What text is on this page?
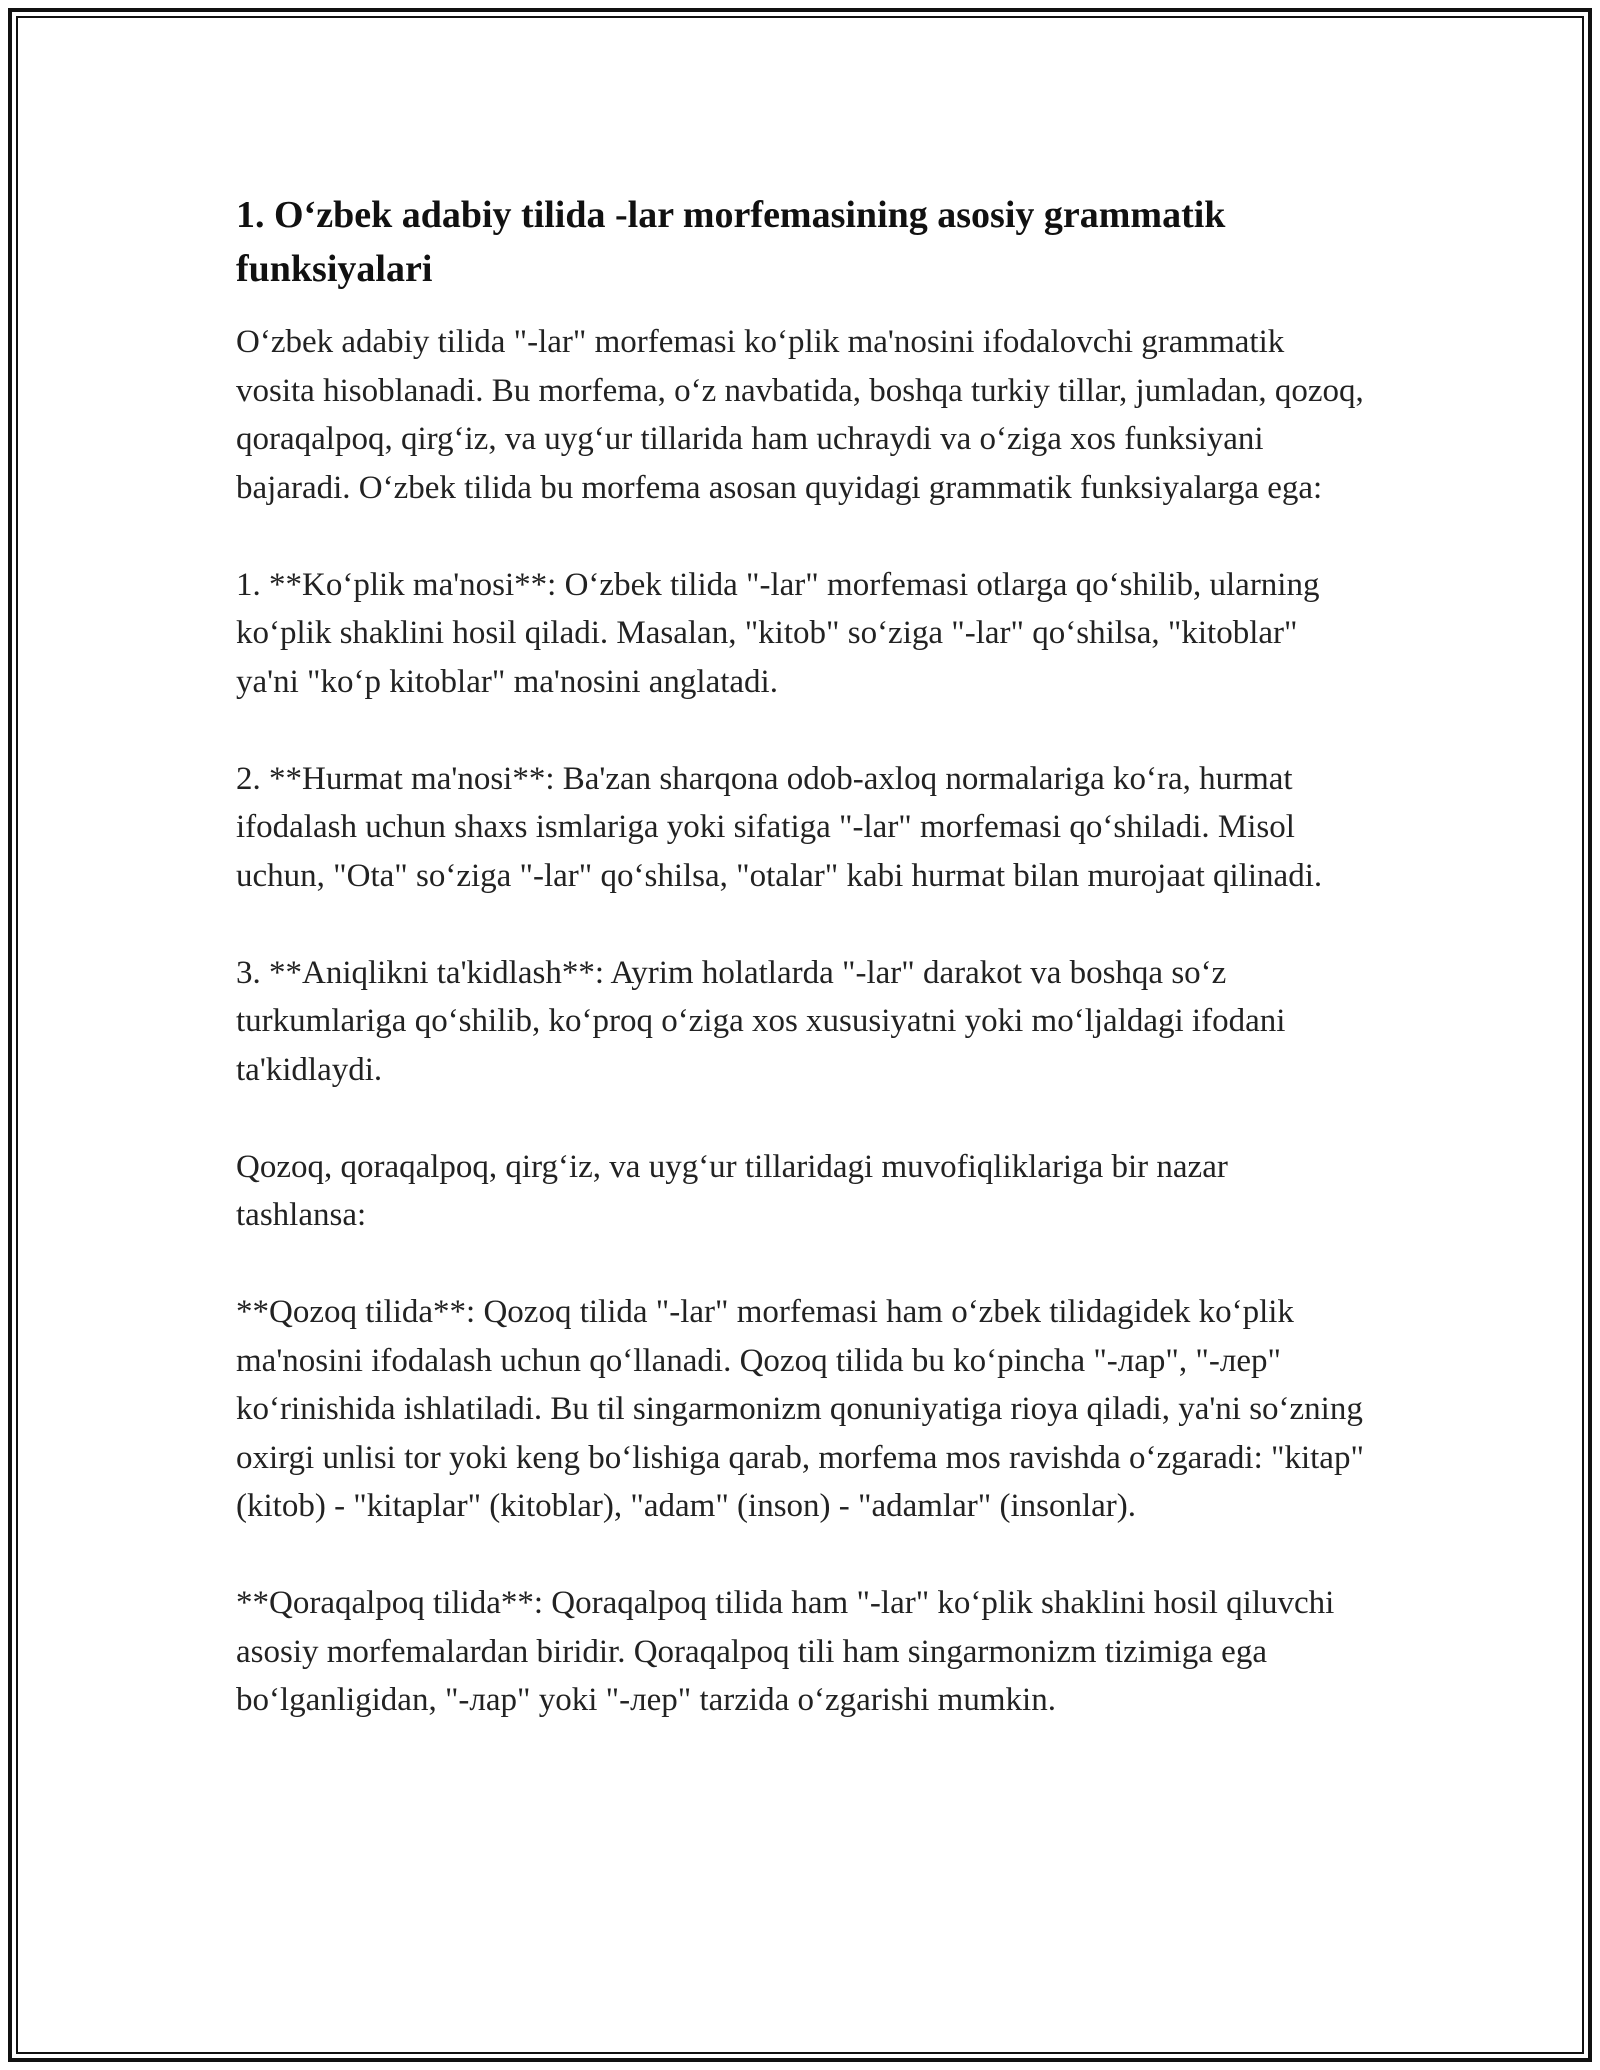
1. Oʻzbek adabiy tilida -lar morfemasining asosiy grammatik funksiyalari

Oʻzbek adabiy tilida "-lar" morfemasi koʻplik ma'nosini ifodalovchi grammatik vosita hisoblanadi. Bu morfema, oʻz navbatida, boshqa turkiy tillar, jumladan, qozoq, qoraqalpoq, qirgʻiz, va uygʻur tillarida ham uchraydi va oʻziga xos funksiyani bajaradi. Oʻzbek tilida bu morfema asosan quyidagi grammatik funksiyalarga ega:

1. **Koʻplik ma'nosi**: Oʻzbek tilida "-lar" morfemasi otlarga qoʻshilib, ularning koʻplik shaklini hosil qiladi. Masalan, "kitob" soʻziga "-lar" qoʻshilsa, "kitoblar" ya'ni "koʻp kitoblar" ma'nosini anglatadi.

2. **Hurmat ma'nosi**: Ba'zan sharqona odob-axloq normalariga koʻra, hurmat ifodalash uchun shaxs ismlariga yoki sifatiga "-lar" morfemasi qoʻshiladi. Misol uchun, "Ota" soʻziga "-lar" qoʻshilsa, "otalar" kabi hurmat bilan murojaat qilinadi.

3. **Aniqlikni ta'kidlash**: Ayrim holatlarda "-lar" darakot va boshqa soʻz turkumlariga qoʻshilib, koʻproq oʻziga xos xususiyatni yoki moʻljaldagi ifodani ta'kidlaydi.

Qozoq, qoraqalpoq, qirgʻiz, va uygʻur tillaridagi muvofiqliklariga bir nazar tashlansa:

**Qozoq tilida**: Qozoq tilida "-lar" morfemasi ham oʻzbek tilidagidek koʻplik ma'nosini ifodalash uchun qoʻllanadi. Qozoq tilida bu koʻpincha "-лар", "-лер" koʻrinishida ishlatiladi. Bu til singarmonizm qonuniyatiga rioya qiladi, ya'ni soʻzning oxirgi unlisi tor yoki keng boʻlishiga qarab, morfema mos ravishda oʻzgaradi: "kitap" (kitob) - "kitaplar" (kitoblar), "adam" (inson) - "adamlar" (insonlar).

**Qoraqalpoq tilida**: Qoraqalpoq tilida ham "-lar" koʻplik shaklini hosil qiluvchi asosiy morfemalardan biridir. Qoraqalpoq tili ham singarmonizm tizimiga ega boʻlganligidan, "-лар" yoki "-лер" tarzida oʻzgarishi mumkin.
